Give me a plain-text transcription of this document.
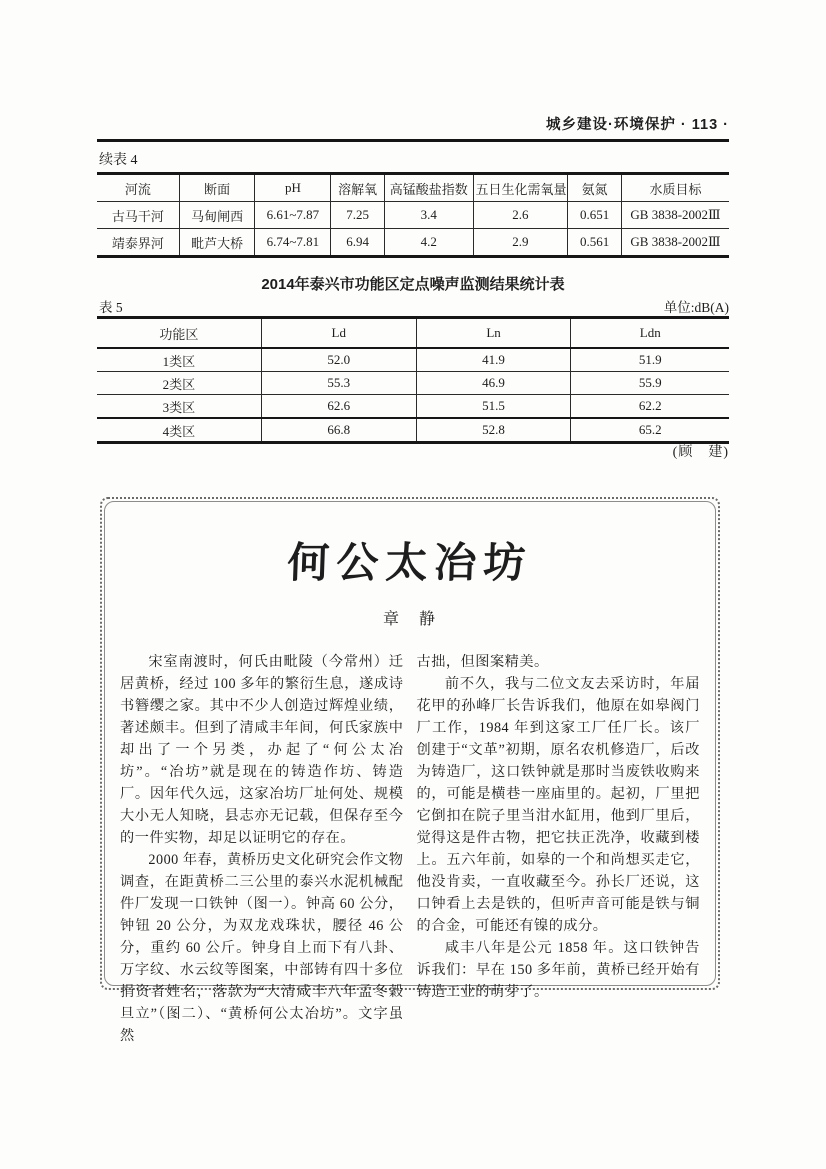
城乡建设·环境保护 · 113 ·
续表 4
河流	断面	pH	溶解氧	高锰酸盐指数	五日生化需氧量	氨氮	水质目标
古马干河	马甸闸西	6.61~7.87	7.25	3.4	2.6	0.651	GB 3838-2002Ⅲ
靖泰界河	毗芦大桥	6.74~7.81	6.94	4.2	2.9	0.561	GB 3838-2002Ⅲ
2014年泰兴市功能区定点噪声监测结果统计表
表 5	单位:dB(A)
功能区	Ld	Ln	Ldn
1类区	52.0	41.9	51.9
2类区	55.3	46.9	55.9
3类区	62.6	51.5	62.2
4类区	66.8	52.8	65.2
(顾　建)
何公太冶坊
章　静

宋室南渡时，何氏由毗陵（今常州）迁居黄桥，经过 100 多年的繁衍生息，遂成诗书簪缨之家。其中不少人创造过辉煌业绩，著述颇丰。但到了清咸丰年间，何氏家族中却出了一个另类，办起了“何公太冶坊”。“冶坊”就是现在的铸造作坊、铸造厂。因年代久远，这家冶坊厂址何处、规模大小无人知晓，县志亦无记载，但保存至今的一件实物，却足以证明它的存在。

2000 年春，黄桥历史文化研究会作文物调查，在距黄桥二三公里的泰兴水泥机械配件厂发现一口铁钟（图一）。钟高 60 公分，钟钮 20 公分，为双龙戏珠状，腰径 46 公分，重约 60 公斤。钟身自上而下有八卦、万字纹、水云纹等图案，中部铸有四十多位捐资者姓名，落款为“大清咸丰八年孟冬糓旦立”（图二）、“黄桥何公太冶坊”。文字虽然

古拙，但图案精美。

前不久，我与二位文友去采访时，年届花甲的孙峰厂长告诉我们，他原在如皋阀门厂工作，1984 年到这家工厂任厂长。该厂创建于“文革”初期，原名农机修造厂，后改为铸造厂，这口铁钟就是那时当废铁收购来的，可能是横巷一座庙里的。起初，厂里把它倒扣在院子里当泔水缸用，他到厂里后，觉得这是件古物，把它扶正洗净，收藏到楼上。五六年前，如皋的一个和尚想买走它，他没肯卖，一直收藏至今。孙长厂还说，这口钟看上去是铁的，但听声音可能是铁与铜的合金，可能还有镍的成分。

咸丰八年是公元 1858 年。这口铁钟告诉我们：早在 150 多年前，黄桥已经开始有铸造工业的萌芽了。
